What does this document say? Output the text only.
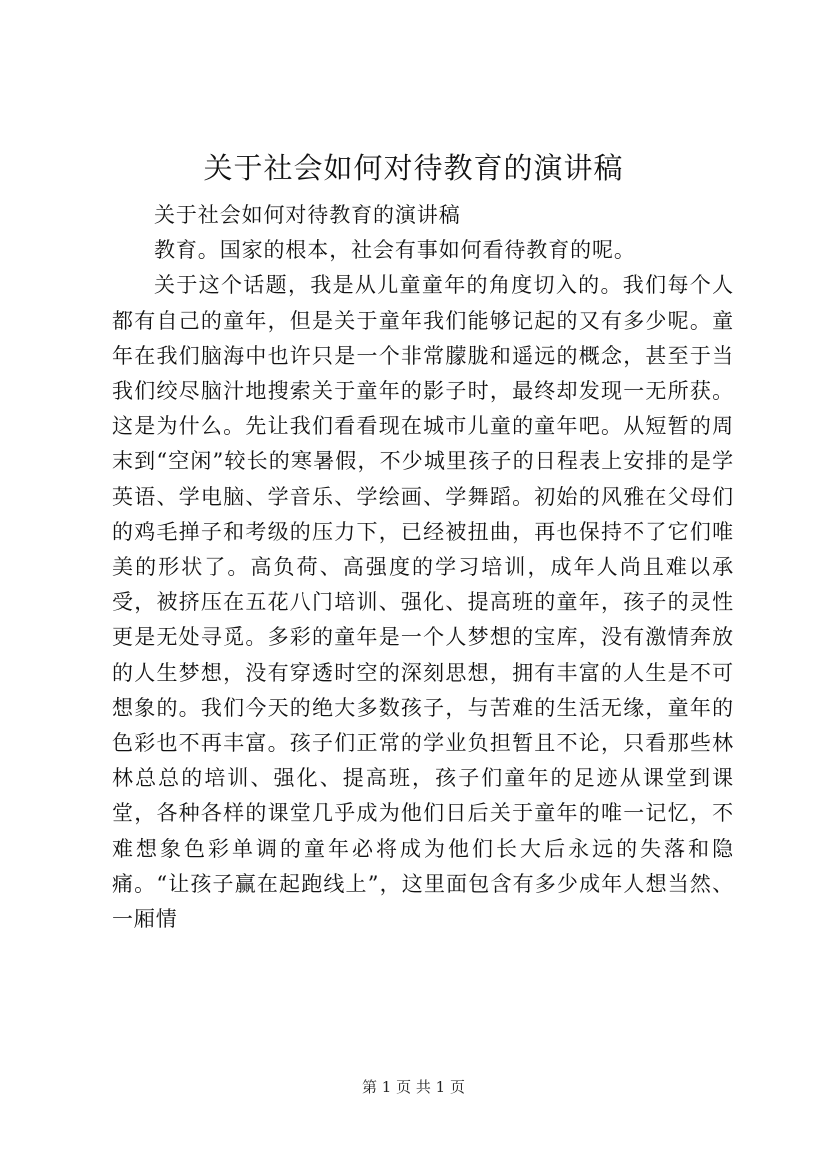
关于社会如何对待教育的演讲稿

关于社会如何对待教育的演讲稿

教育。国家的根本，社会有事如何看待教育的呢。

关于这个话题，我是从儿童童年的角度切入的。我们每个人都有自己的童年，但是关于童年我们能够记起的又有多少呢。童年在我们脑海中也许只是一个非常朦胧和遥远的概念，甚至于当我们绞尽脑汁地搜索关于童年的影子时，最终却发现一无所获。这是为什么。先让我们看看现在城市儿童的童年吧。从短暂的周末到“空闲”较长的寒暑假，不少城里孩子的日程表上安排的是学英语、学电脑、学音乐、学绘画、学舞蹈。初始的风雅在父母们的鸡毛掸子和考级的压力下，已经被扭曲，再也保持不了它们唯美的形状了。高负荷、高强度的学习培训，成年人尚且难以承受，被挤压在五花八门培训、强化、提高班的童年，孩子的灵性更是无处寻觅。多彩的童年是一个人梦想的宝库，没有激情奔放的人生梦想，没有穿透时空的深刻思想，拥有丰富的人生是不可想象的。我们今天的绝大多数孩子，与苦难的生活无缘，童年的色彩也不再丰富。孩子们正常的学业负担暂且不论，只看那些林林总总的培训、强化、提高班，孩子们童年的足迹从课堂到课堂，各种各样的课堂几乎成为他们日后关于童年的唯一记忆，不难想象色彩单调的童年必将成为他们长大后永远的失落和隐痛。“让孩子赢在起跑线上”，这里面包含有多少成年人想当然、一厢情

第 1 页 共 1 页
